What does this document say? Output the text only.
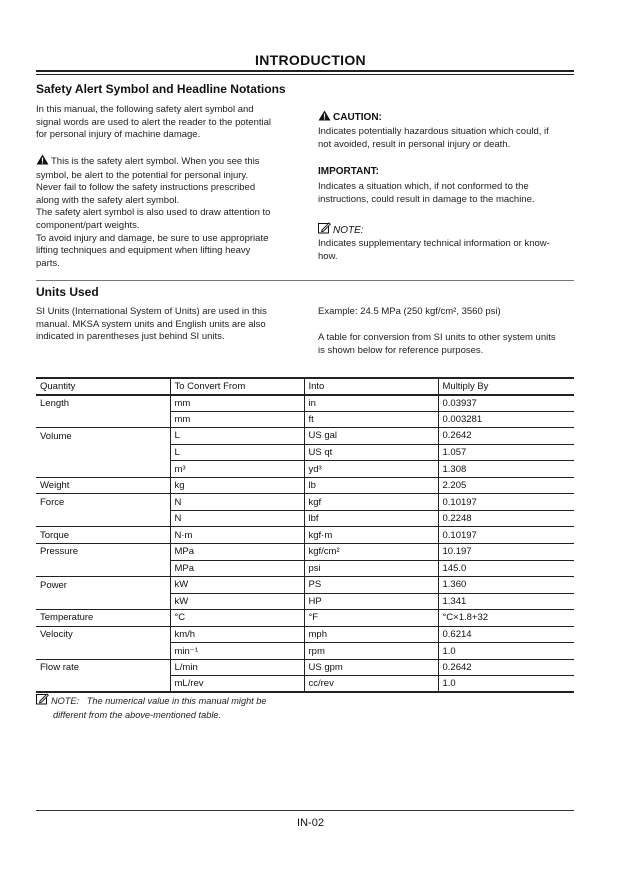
INTRODUCTION
Safety Alert Symbol and Headline Notations

In this manual, the following safety alert symbol and

signal words are used to alert the reader to the potential

for personal injury of machine damage.

This is the safety alert symbol. When you see this

symbol, be alert to the potential for personal injury.

Never fail to follow the safety instructions prescribed

along with the safety alert symbol.

The safety alert symbol is also used to draw attention to

component/part weights.

To avoid injury and damage, be sure to use appropriate

lifting techniques and equipment when lifting heavy

parts.

CAUTION:

Indicates potentially hazardous situation which could, if

not avoided, result in personal injury or death.

IMPORTANT:

Indicates a situation which, if not conformed to the

instructions, could result in damage to the machine.

NOTE:

Indicates supplementary technical information or know-

how.

Units Used

SI Units (International System of Units) are used in this

manual. MKSA system units and English units are also

indicated in parentheses just behind SI units.

Example: 24.5 MPa (250 kgf/cm², 3560 psi)

A table for conversion from SI units to other system units

is shown below for reference purposes.

Quantity	To Convert From	Into	Multiply By
Length	mm	in	0.03937
	mm	ft	0.003281
Volume	L	US gal	0.2642
	L	US qt	1.057
	m³	yd³	1.308
Weight	kg	lb	2.205
Force	N	kgf	0.10197
	N	lbf	0.2248
Torque	N·m	kgf·m	0.10197
Pressure	MPa	kgf/cm²	10.197
	MPa	psi	145.0
Power	kW	PS	1.360
	kW	HP	1.341
Temperature	°C	°F	°C×1.8+32
Velocity	km/h	mph	0.6214
	min⁻¹	rpm	1.0
Flow rate	L/min	US gpm	0.2642
	mL/rev	cc/rev	1.0
NOTE: The numerical value in this manual might be
different from the above-mentioned table.
IN-02
